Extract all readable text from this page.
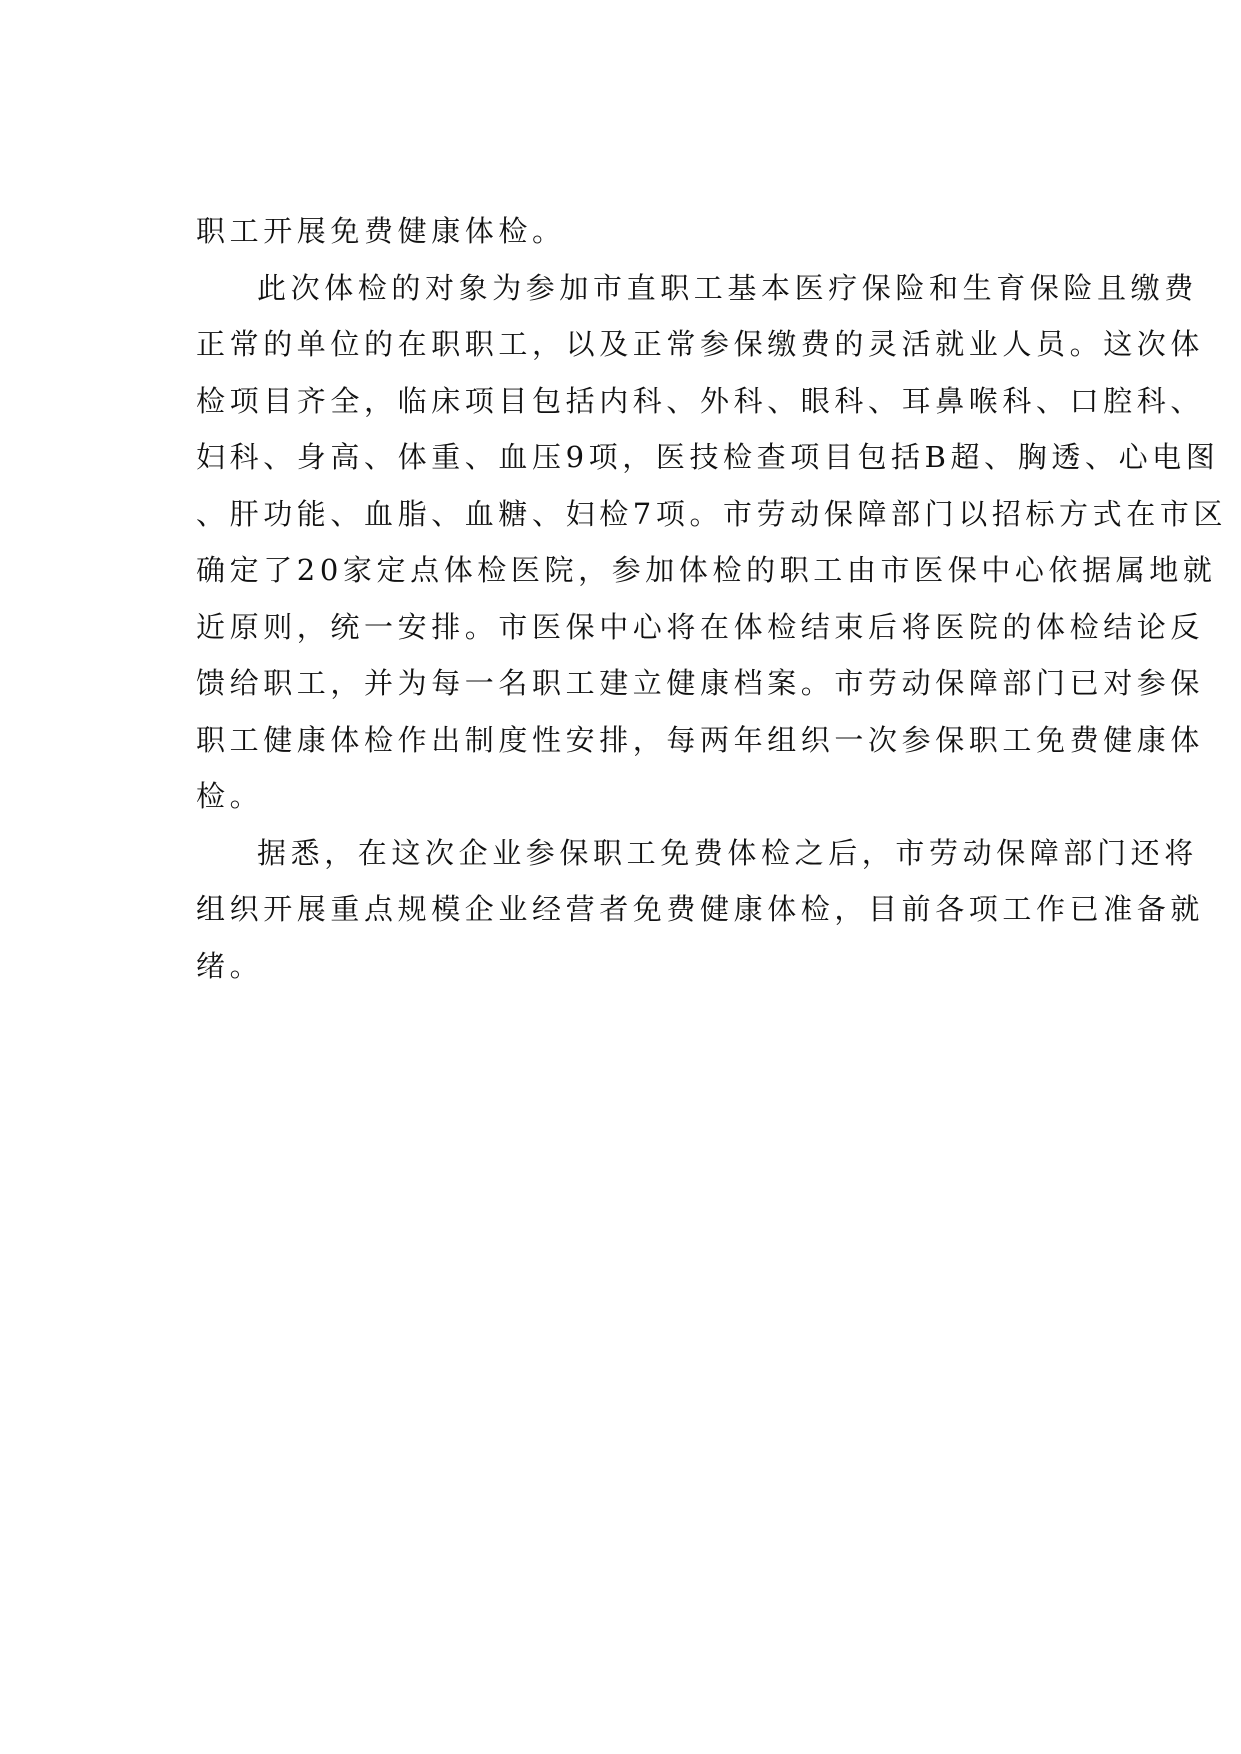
职工开展免费健康体检。
此次体检的对象为参加市直职工基本医疗保险和生育保险且缴费
正常的单位的在职职工，以及正常参保缴费的灵活就业人员。这次体
检项目齐全，临床项目包括内科、外科、眼科、耳鼻喉科、口腔科、
妇科、身高、体重、血压9项，医技检查项目包括B超、胸透、心电图
、肝功能、血脂、血糖、妇检7项。市劳动保障部门以招标方式在市区
确定了20家定点体检医院，参加体检的职工由市医保中心依据属地就
近原则，统一安排。市医保中心将在体检结束后将医院的体检结论反
馈给职工，并为每一名职工建立健康档案。市劳动保障部门已对参保
职工健康体检作出制度性安排，每两年组织一次参保职工免费健康体
检。
据悉，在这次企业参保职工免费体检之后，市劳动保障部门还将
组织开展重点规模企业经营者免费健康体检，目前各项工作已准备就
绪。
